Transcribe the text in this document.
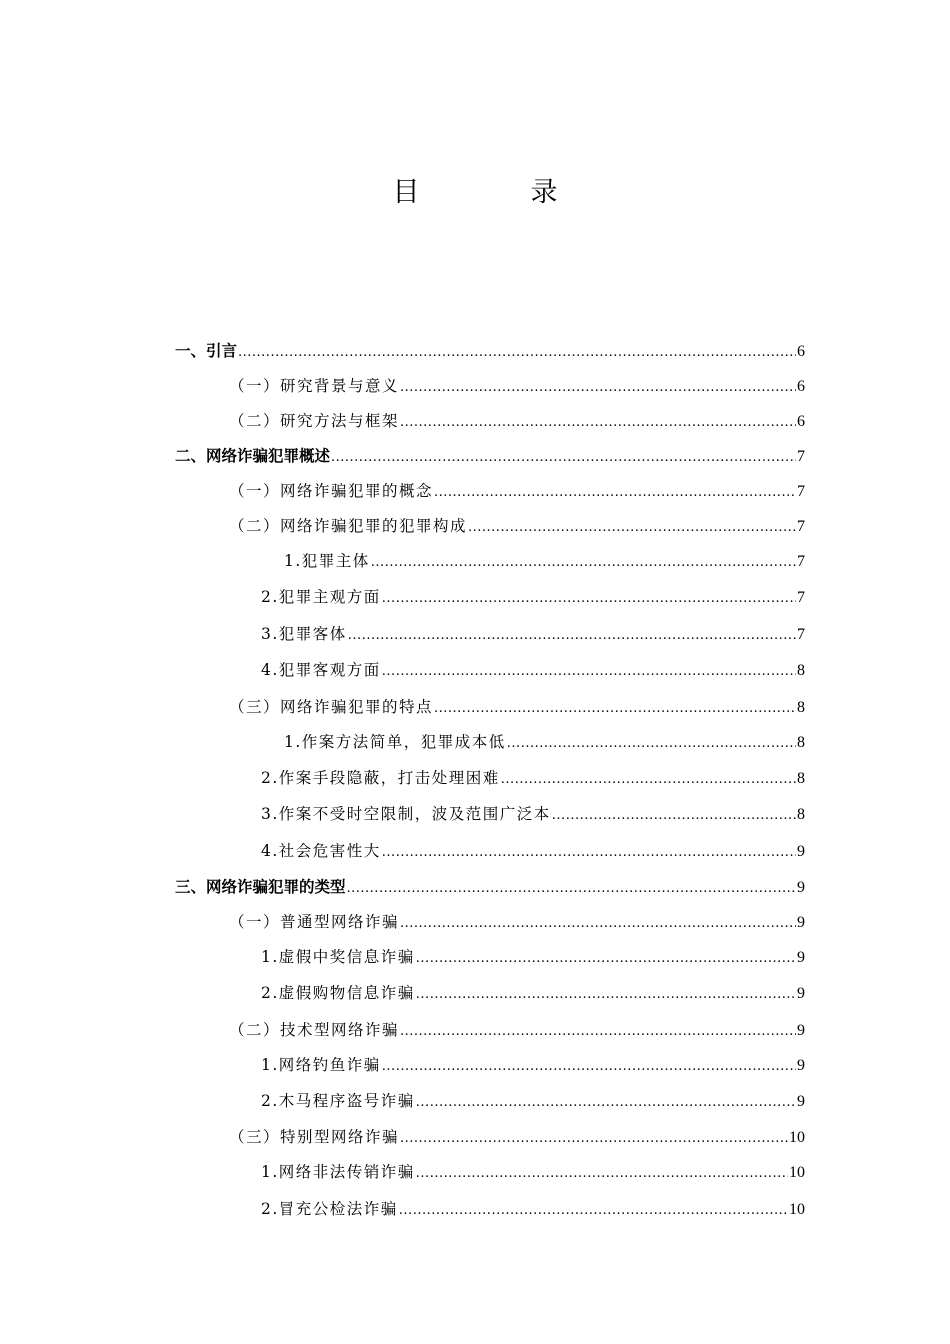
目　录
一、引言 .....	6
（一）研究背景与意义 .....	6
（二）研究方法与框架 .....	6
二、网络诈骗犯罪概述 .....	7
（一）网络诈骗犯罪的概念 .....	7
（二）网络诈骗犯罪的犯罪构成 .....	7
1.犯罪主体 .....	7
2.犯罪主观方面 .....	7
3.犯罪客体 .....	7
4.犯罪客观方面 .....	8
（三）网络诈骗犯罪的特点 .....	8
1.作案方法简单，犯罪成本低 .....	8
2.作案手段隐蔽，打击处理困难 .....	8
3.作案不受时空限制，波及范围广泛本 .....	8
4.社会危害性大 .....	9
三、网络诈骗犯罪的类型 .....	9
（一）普通型网络诈骗 .....	9
1.虚假中奖信息诈骗 .....	9
2.虚假购物信息诈骗 .....	9
（二）技术型网络诈骗 .....	9
1.网络钓鱼诈骗 .....	9
2.木马程序盗号诈骗 .....	9
（三）特别型网络诈骗 .....	10
1.网络非法传销诈骗 .....	10
2.冒充公检法诈骗 .....	10
